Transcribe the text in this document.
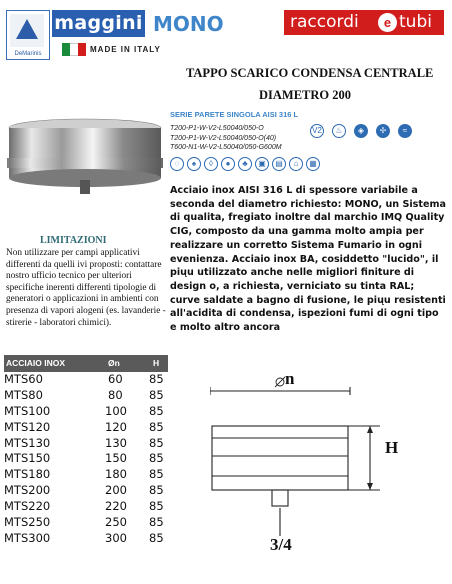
DeMarinis
maggini MONO
MADE IN ITALY
raccordi	e tubi
TAPPO SCARICO CONDENSA CENTRALE
DIAMETRO 200
SERIE PARETE SINGOLA AISI 316 L
T200-P1-W-V2-L50040/050-O
T200-P1-W-V2-L50040/050-O(40)
T600-N1-W-V2-L50040/050-G600M
V2	♨	◈	✢	≈
◌	♠	◊	●	♣	▣	▤	⌂	▦
Acciaio inox AISI 316 L di spessore variabile a seconda del diametro richiesto: MONO, un Sistema di qualita, fregiato inoltre dal marchio IMQ Quality CIG, composto da una gamma molto ampia per realizzare un corretto Sistema Fumario in ogni evenienza. Acciaio inox BA, cosiddetto "lucido", il piųu utilizzato anche nelle migliori finiture di design o, a richiesta, verniciato su tinta RAL; curve saldate a bagno di fusione, le piųu resistenti all'acidita di condensa, ispezioni fumi di ogni tipo e molto altro ancora
LIMITAZIONI
Non utilizzare per campi applicativi differenti da quelli ivi proposti: contattare nostro ufficio tecnico per ulteriori specifiche inerenti differenti tipologie di generatori o applicazioni in ambienti con presenza di vapori alogeni (es. lavanderie - stirerie - laboratori chimici).
ACCIAIO INOX	Øn	H
MTS60	60 85
MTS80	80 85
MTS100	100 85
MTS120	120 85
MTS130	130 85
MTS150	150 85
MTS180	180 85
MTS200	200 85
MTS220	220 85
MTS250	250 85
MTS300	300 85
n
H
3/4
